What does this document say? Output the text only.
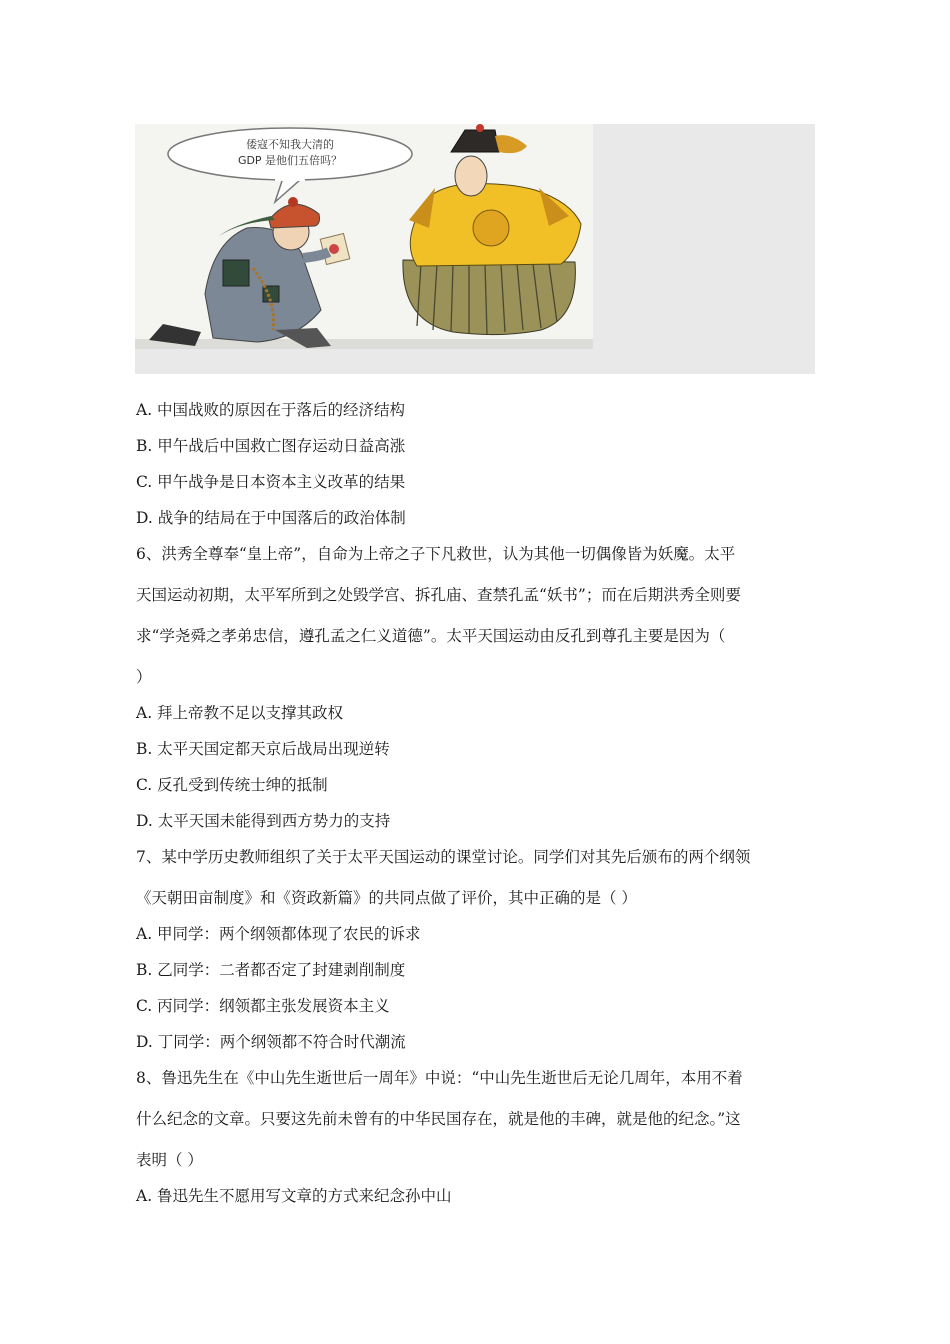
倭寇不知我大清的
GDP 是他们五倍吗？
A. 中国战败的原因在于落后的经济结构
B. 甲午战后中国救亡图存运动日益高涨
C. 甲午战争是日本资本主义改革的结果
D. 战争的结局在于中国落后的政治体制
6、洪秀全尊奉“皇上帝”，自命为上帝之子下凡救世，认为其他一切偶像皆为妖魔。太平
天国运动初期，太平军所到之处毁学宫、拆孔庙、查禁孔孟“妖书”；而在后期洪秀全则要
求“学尧舜之孝弟忠信，遵孔孟之仁义道德”。太平天国运动由反孔到尊孔主要是因为（
）
A. 拜上帝教不足以支撑其政权
B. 太平天国定都天京后战局出现逆转
C. 反孔受到传统士绅的抵制
D. 太平天国未能得到西方势力的支持
7、某中学历史教师组织了关于太平天国运动的课堂讨论。同学们对其先后颁布的两个纲领
《天朝田亩制度》和《资政新篇》的共同点做了评价，其中正确的是（ ）
A. 甲同学：两个纲领都体现了农民的诉求
B. 乙同学：二者都否定了封建剥削制度
C. 丙同学：纲领都主张发展资本主义
D. 丁同学：两个纲领都不符合时代潮流
8、鲁迅先生在《中山先生逝世后一周年》中说：“中山先生逝世后无论几周年，本用不着
什么纪念的文章。只要这先前未曾有的中华民国存在，就是他的丰碑，就是他的纪念。”这
表明（ ）
A. 鲁迅先生不愿用写文章的方式来纪念孙中山
